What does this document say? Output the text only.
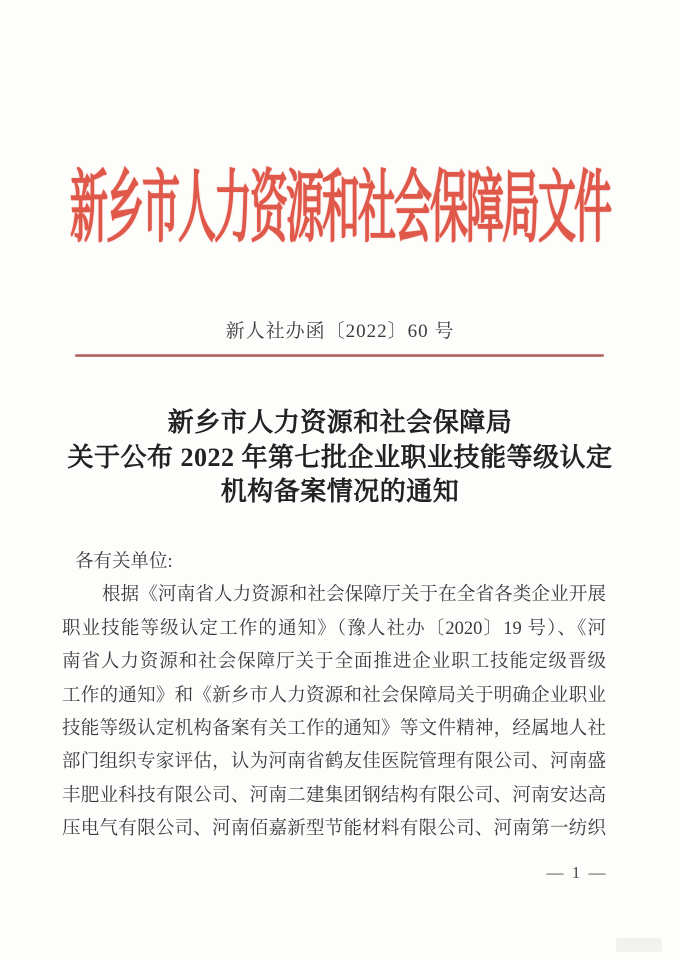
新乡市人力资源和社会保障局文件
新人社办函〔2022〕60 号
新乡市人力资源和社会保障局
关于公布 2022 年第七批企业职业技能等级认定
机构备案情况的通知
各有关单位:
根据《河南省人力资源和社会保障厅关于在全省各类企业开展
职业技能等级认定工作的通知》（豫人社办〔2020〕19 号）、《河
南省人力资源和社会保障厅关于全面推进企业职工技能定级晋级
工作的通知》和《新乡市人力资源和社会保障局关于明确企业职业
技能等级认定机构备案有关工作的通知》等文件精神，经属地人社
部门组织专家评估，认为河南省鹤友佳医院管理有限公司、河南盛
丰肥业科技有限公司、河南二建集团钢结构有限公司、河南安达高
压电气有限公司、河南佰嘉新型节能材料有限公司、河南第一纺织
— 1 —
